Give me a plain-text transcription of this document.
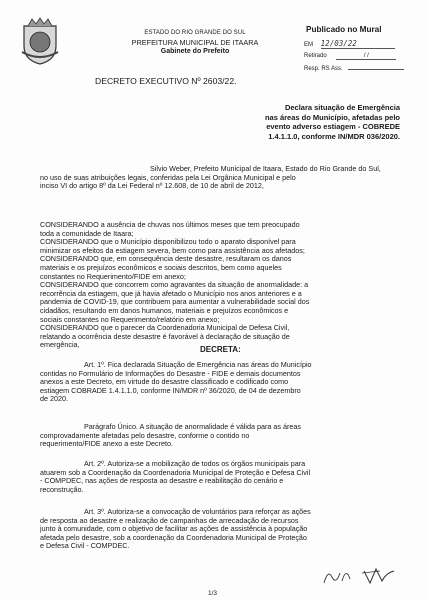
ESTADO DO RIO GRANDE DO SUL
PREFEITURA MUNICIPAL DE ITAARA
Gabinete do Prefeito
Publicado no Mural
EM 12/03/22
Retirado	/ /
Resp. RS Ass.
DECRETO EXECUTIVO Nº 2603/22.
Declara situação de Emergência
nas áreas do Município, afetadas pelo
evento adverso estiagem - COBREDE
1.4.1.1.0, conforme IN/MDR 036/2020.
Silvio Weber, Prefeito Municipal de Itaara, Estado do Rio Grande do Sul,
no uso de suas atribuições legais, conferidas pela Lei Orgânica Municipal e pelo
inciso VI do artigo 8º da Lei Federal nº 12.608, de 10 de abril de 2012,
CONSIDERANDO a ausência de chuvas nos últimos meses que tem preocupado
toda a comunidade de Itaara;
CONSIDERANDO que o Município disponibilizou todo o aparato disponível para
minimizar os efeitos da estiagem severa, bem como para assistência aos afetados;
CONSIDERANDO que, em consequência deste desastre, resultaram os danos
materiais e os prejuízos econômicos e sociais descritos, bem como aqueles
constantes no Requerimento/FIDE em anexo;
CONSIDERANDO que concorrem como agravantes da situação de anormalidade: a
recorrência da estiagem, que já havia afetado o Município nos anos anteriores e a
pandemia de COVID-19, que contribuem para aumentar a vulnerabilidade social dos
cidadãos, resultando em danos humanos, materiais e prejuízos econômicos e
sociais constantes no Requerimento/relatório em anexo;
CONSIDERANDO que o parecer da Coordenadoria Municipal de Defesa Civil,
relatando a ocorrência deste desastre é favorável à declaração de situação de
emergência,
DECRETA:
Art. 1º. Fica declarada Situação de Emergência nas áreas do Município
contidas no Formulário de Informações do Desastre - FIDE e demais documentos
anexos a este Decreto, em virtude do desastre classificado e codificado como
estiagem COBRADE 1.4.1.1.0, conforme IN/MDR nº 36/2020, de 04 de dezembro
de 2020.
Parágrafo Único. A situação de anormalidade é válida para as áreas
comprovadamente afetadas pelo desastre, conforme o contido no
requerimento/FIDE anexo a este Decreto.
Art. 2º. Autoriza-se a mobilização de todos os órgãos municipais para
atuarem sob a Coordenação da Coordenadoria Municipal de Proteção e Defesa Civil
- COMPDEC, nas ações de resposta ao desastre e reabilitação do cenário e
reconstrução.
Art. 3º. Autoriza-se a convocação de voluntários para reforçar as ações
de resposta ao desastre e realização de campanhas de arrecadação de recursos
junto à comunidade, com o objetivo de facilitar as ações de assistência à população
afetada pelo desastre, sob a coordenação da Coordenadoria Municipal de Proteção
e Defesa Civil - COMPDEC.
1/3
